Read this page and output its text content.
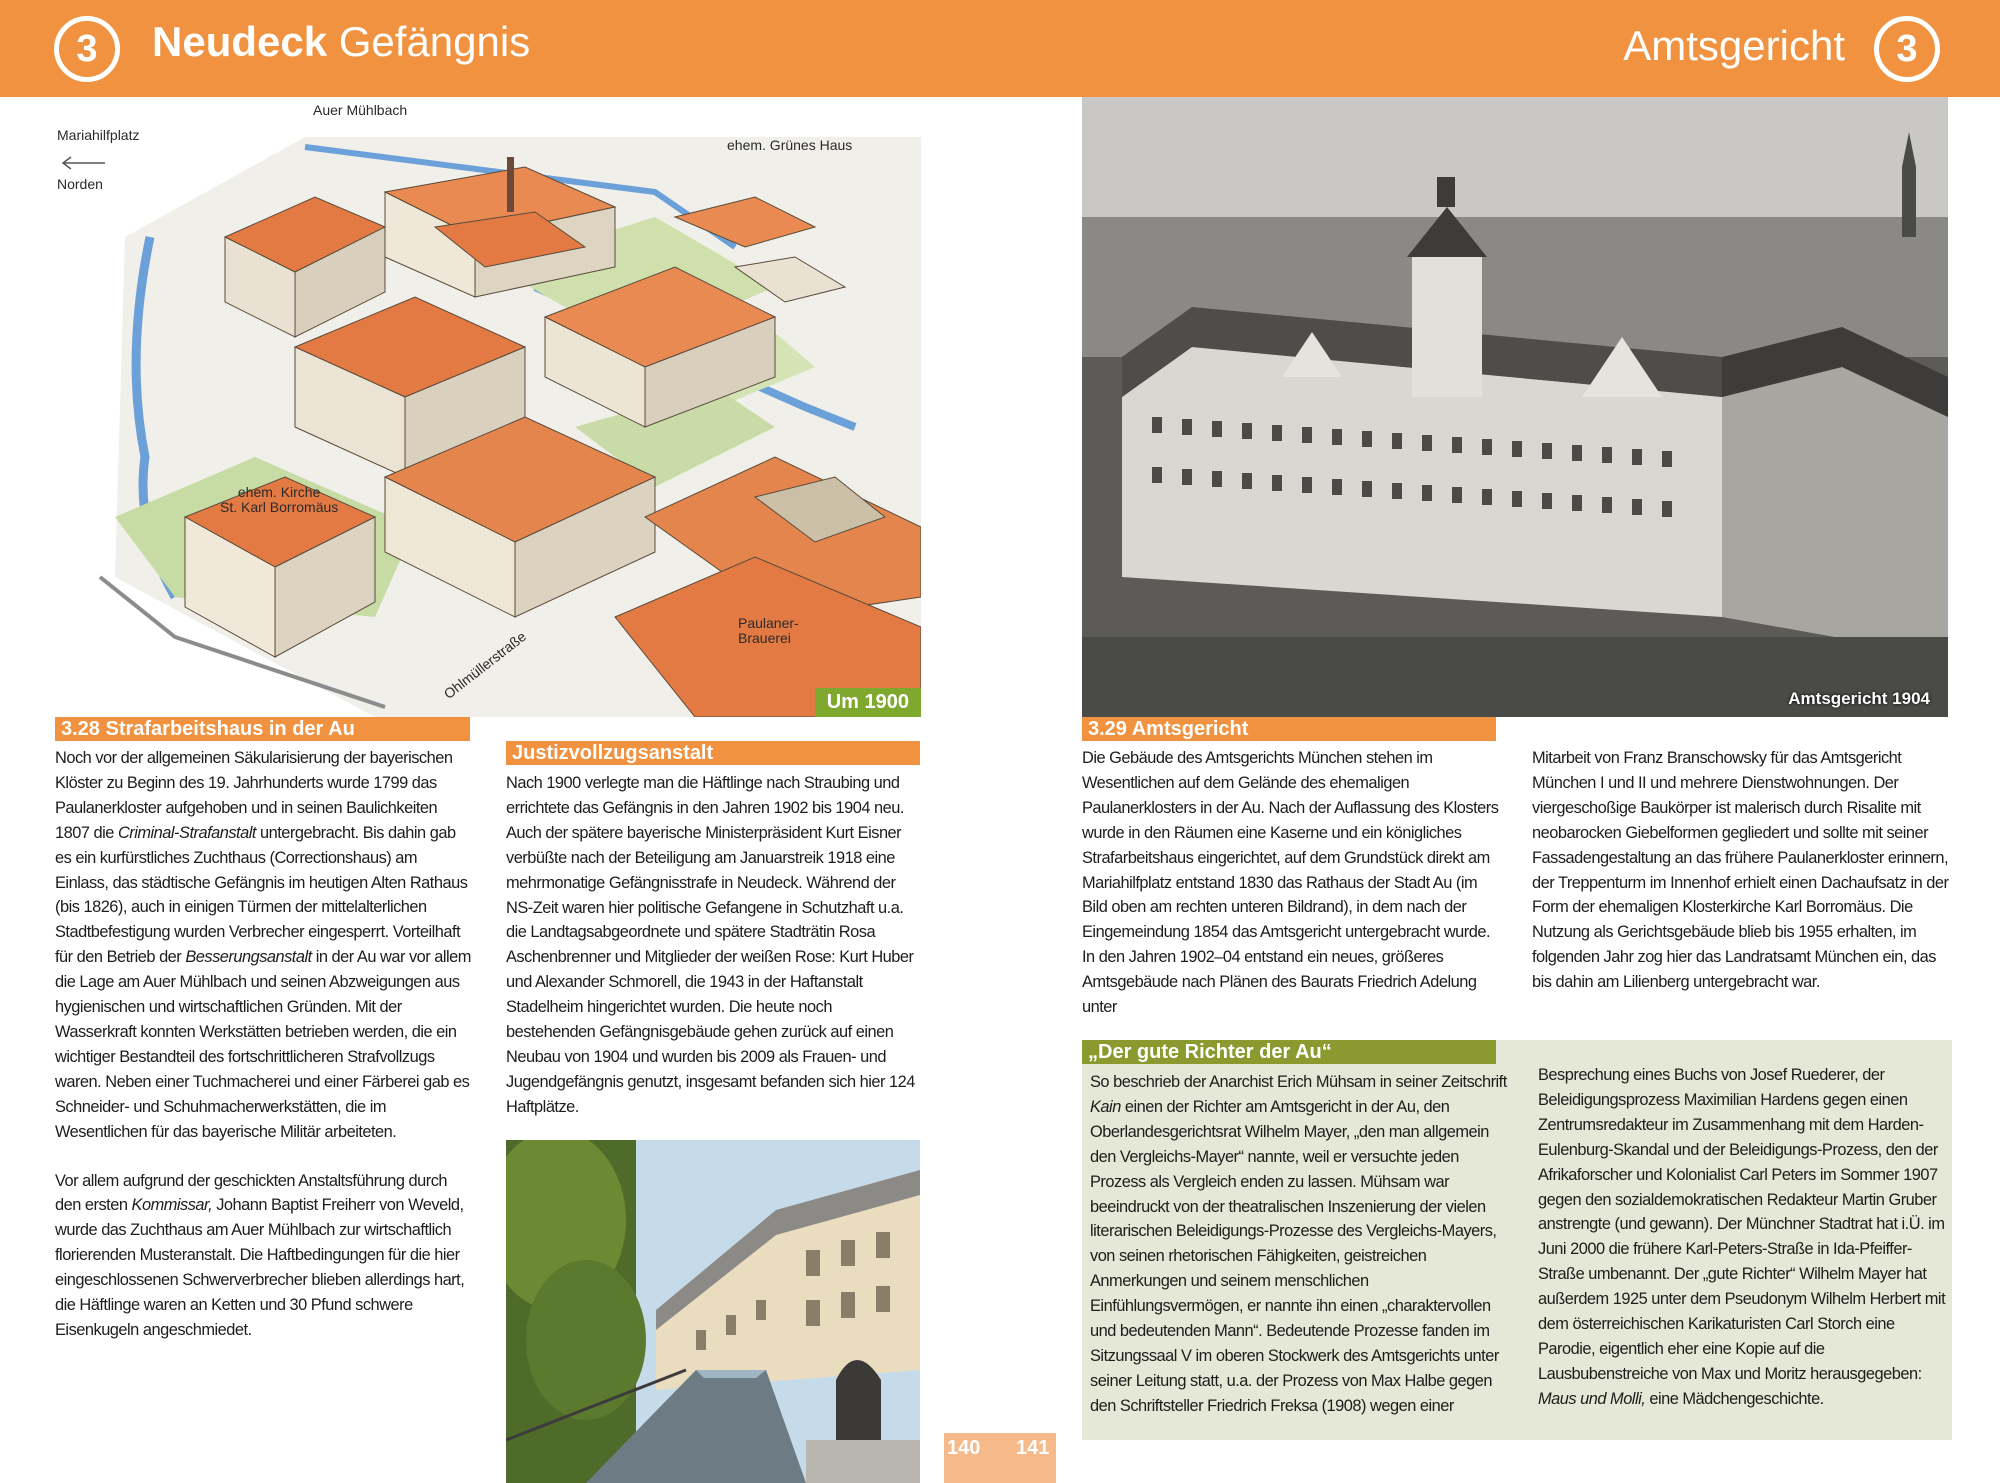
3	Neudeck Gefängnis	Amtsgericht	3
Auer Mühlbach
Mariahilfplatz
Norden
ehem. Grünes Haus
ehem. Kirche
St. Karl Borromäus
Paulaner-
Brauerei
Ohlmüllerstraße
Um 1900	Amtsgericht 1904
3.28 Strafarbeitshaus in der Au

Noch vor der allgemeinen Säkularisierung der bayerischen Klöster zu Beginn des 19. Jahrhunderts wurde 1799 das Paulanerkloster aufgehoben und in seinen Baulichkeiten 1807 die Criminal-Strafanstalt untergebracht. Bis dahin gab es ein kurfürstliches Zuchthaus (Correctionshaus) am Einlass, das städtische Gefängnis im heutigen Alten Rathaus (bis 1826), auch in einigen Türmen der mittelalterlichen Stadtbefestigung wurden Verbrecher eingesperrt. Vorteilhaft für den Betrieb der Besserungsanstalt in der Au war vor allem die Lage am Auer Mühlbach und seinen Abzweigungen aus hygienischen und wirtschaftlichen Gründen. Mit der Wasserkraft konnten Werkstätten betrieben werden, die ein wichtiger Bestandteil des fortschrittlicheren Strafvollzugs waren. Neben einer Tuchmacherei und einer Färberei gab es Schneider- und Schuhmacherwerkstätten, die im Wesentlichen für das bayerische Militär arbeiteten.

Vor allem aufgrund der geschickten Anstaltsführung durch den ersten Kommissar, Johann Baptist Freiherr von Weveld, wurde das Zuchthaus am Auer Mühlbach zur wirtschaftlich florierenden Musteranstalt. Die Haftbedingungen für die hier eingeschlossenen Schwerverbrecher blieben allerdings hart, die Häftlinge waren an Ketten und 30 Pfund schwere Eisenkugeln angeschmiedet.

Justizvollzugsanstalt

Nach 1900 verlegte man die Häftlinge nach Straubing und errichtete das Gefängnis in den Jahren 1902 bis 1904 neu. Auch der spätere bayerische Ministerpräsident Kurt Eisner verbüßte nach der Beteiligung am Januarstreik 1918 eine mehrmonatige Gefängnisstrafe in Neudeck. Während der NS-Zeit waren hier politische Gefangene in Schutzhaft u.a. die Landtagsabgeordnete und spätere Stadträtin Rosa Aschenbrenner und Mitglieder der weißen Rose: Kurt Huber und Alexander Schmorell, die 1943 in der Haftanstalt Stadelheim hingerichtet wurden. Die heute noch bestehenden Gefängnisgebäude gehen zurück auf einen Neubau von 1904 und wurden bis 2009 als Frauen- und Jugendgefängnis genutzt, insgesamt befanden sich hier 124 Haftplätze.

3.29 Amtsgericht

Die Gebäude des Amtsgerichts München stehen im Wesentlichen auf dem Gelände des ehemaligen Paulanerklosters in der Au. Nach der Auflassung des Klosters wurde in den Räumen eine Kaserne und ein königliches Strafarbeitshaus eingerichtet, auf dem Grundstück direkt am Mariahilfplatz entstand 1830 das Rathaus der Stadt Au (im Bild oben am rechten unteren Bildrand), in dem nach der Eingemeindung 1854 das Amtsgericht untergebracht wurde. In den Jahren 1902–04 entstand ein neues, größeres Amtsgebäude nach Plänen des Baurats Friedrich Adelung unter

Mitarbeit von Franz Branschowsky für das Amtsgericht München I und II und mehrere Dienstwohnungen. Der viergeschoßige Baukörper ist malerisch durch Risalite mit neobarocken Giebelformen gegliedert und sollte mit seiner Fassadengestaltung an das frühere Paulanerkloster erinnern, der Treppenturm im Innenhof erhielt einen Dachaufsatz in der Form der ehemaligen Klosterkirche Karl Borromäus. Die Nutzung als Gerichtsgebäude blieb bis 1955 erhalten, im folgenden Jahr zog hier das Landratsamt München ein, das bis dahin am Lilienberg untergebracht war.

„Der gute Richter der Au“

So beschrieb der Anarchist Erich Mühsam in seiner Zeitschrift Kain einen der Richter am Amtsgericht in der Au, den Oberlandesgerichtsrat Wilhelm Mayer, „den man allgemein den Vergleichs-Mayer“ nannte, weil er versuchte jeden Prozess als Vergleich enden zu lassen. Mühsam war beeindruckt von der theatralischen Inszenierung der vielen literarischen Beleidigungs-Prozesse des Vergleichs-Mayers, von seinen rhetorischen Fähigkeiten, geistreichen Anmerkungen und seinem menschlichen Einfühlungsvermögen, er nannte ihn einen „charaktervollen und bedeutenden Mann“. Bedeutende Prozesse fanden im Sitzungssaal V im oberen Stockwerk des Amtsgerichts unter seiner Leitung statt, u.a. der Prozess von Max Halbe gegen den Schriftsteller Friedrich Freksa (1908) wegen einer

Besprechung eines Buchs von Josef Ruederer, der Beleidigungsprozess Maximilian Hardens gegen einen Zentrumsredakteur im Zusammenhang mit dem Harden-Eulenburg-Skandal und der Beleidigungs-Prozess, den der Afrikaforscher und Kolonialist Carl Peters im Sommer 1907 gegen den sozialdemokratischen Redakteur Martin Gruber anstrengte (und gewann). Der Münchner Stadtrat hat i.Ü. im Juni 2000 die frühere Karl-Peters-Straße in Ida-Pfeiffer-Straße umbenannt. Der „gute Richter“ Wilhelm Mayer hat außerdem 1925 unter dem Pseudonym Wilhelm Herbert mit dem österreichischen Karikaturisten Carl Storch eine Parodie, eigentlich eher eine Kopie auf die Lausbubenstreiche von Max und Moritz herausgegeben: Maus und Molli, eine Mädchengeschichte.

140 141
